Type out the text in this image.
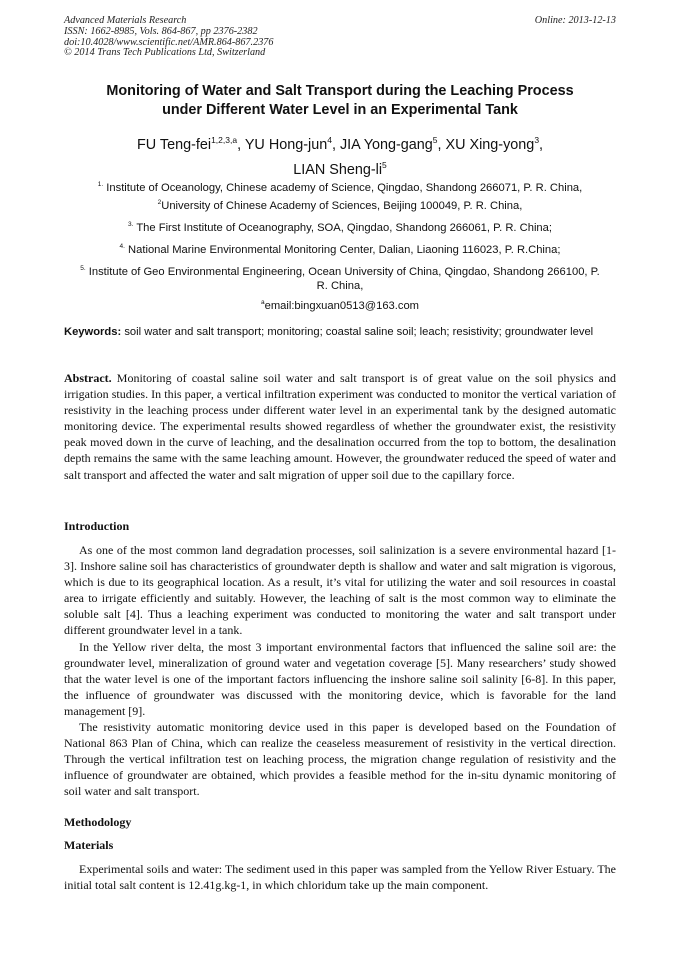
Advanced Materials Research
ISSN: 1662-8985, Vols. 864-867, pp 2376-2382
doi:10.4028/www.scientific.net/AMR.864-867.2376
© 2014 Trans Tech Publications Ltd, Switzerland
Online: 2013-12-13
Monitoring of Water and Salt Transport during the Leaching Process
under Different Water Level in an Experimental Tank
FU Teng-fei$^{1,2,3,a}$, YU Hong-jun$^4$, JIA Yong-gang$^5$, XU Xing-yong$^3$,
LIAN Sheng-$li^5$
$^{1.}$ Institute of Oceanology, Chinese academy of Science, Qingdao, Shandong 266071, P. R. China,
$^2$University of Chinese Academy of Sciences, Beijing 100049, P. R. China,
$^{3.}$ The First Institute of Oceanography, SOA, Qingdao, Shandong 266061, P. R. China;
$^{4.}$ National Marine Environmental Monitoring Center, Dalian, Liaoning 116023, P. R.China;
$^{5.}$ Institute of Geo Environmental Engineering, Ocean University of China, Qingdao, Shandong 266100, P. R. China,
$^a$email:bingxuan0513@163.com
Keywords: soil water and salt transport; monitoring; coastal saline soil; leach; resistivity; groundwater level
Abstract. Monitoring of coastal saline soil water and salt transport is of great value on the soil physics and irrigation studies. In this paper, a vertical infiltration experiment was conducted to monitor the vertical variation of resistivity in the leaching process under different water level in an experimental tank by the designed automatic monitoring device. The experimental results showed regardless of whether the groundwater exist, the resistivity peak moved down in the curve of leaching, and the desalination occurred from the top to bottom, the desalination depth remains the same with the same leaching amount. However, the groundwater reduced the speed of water and salt transport and affected the water and salt migration of upper soil due to the capillary force.
Introduction

As one of the most common land degradation processes, soil salinization is a severe environmental hazard [1-3]. Inshore saline soil has characteristics of groundwater depth is shallow and water and salt migration is vigorous, which is due to its geographical location. As a result, it’s vital for utilizing the water and soil resources in coastal area to irrigate efficiently and suitably. However, the leaching of salt is the most common way to eliminate the soluble salt [4]. Thus a leaching experiment was conducted to monitoring the water and salt transport under different groundwater level in a tank.

In the Yellow river delta, the most 3 important environmental factors that influenced the saline soil are: the groundwater level, mineralization of ground water and vegetation coverage [5]. Many researchers’ study showed that the water level is one of the important factors influencing the inshore saline soil salinity [6-8]. In this paper, the influence of groundwater was discussed with the monitoring device, which is favorable for the land management [9].

The resistivity automatic monitoring device used in this paper is developed based on the Foundation of National 863 Plan of China, which can realize the ceaseless measurement of resistivity in the vertical direction. Through the vertical infiltration test on leaching process, the migration change regulation of resistivity and the influence of groundwater are obtained, which provides a feasible method for the in-situ dynamic monitoring of soil water and salt transport.

Methodology
Materials

Experimental soils and water: The sediment used in this paper was sampled from the Yellow River Estuary. The initial total salt content is 12.41g.kg-1, in which chloridum take up the main component.
